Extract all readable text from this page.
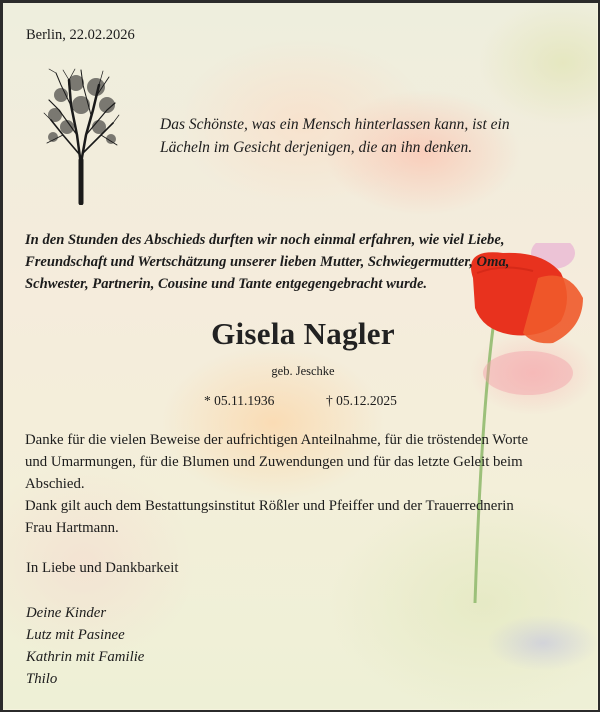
Berlin, 22.02.2026
Das Schönste, was ein Mensch hinterlassen kann, ist ein
Lächeln im Gesicht derjenigen, die an ihn denken.
In den Stunden des Abschieds durften wir noch einmal erfahren, wie viel Liebe,
Freundschaft und Wertschätzung unserer lieben Mutter, Schwiegermutter, Oma,
Schwester, Partnerin, Cousine und Tante entgegengebracht wurde.
Gisela Nagler
geb. Jeschke
* 05.11.1936	† 05.12.2025
Danke für die vielen Beweise der aufrichtigen Anteilnahme, für die tröstenden Worte
und Umarmungen, für die Blumen und Zuwendungen und für das letzte Geleit beim
Abschied.
Dank gilt auch dem Bestattungsinstitut Rößler und Pfeiffer und der Trauerrednerin
Frau Hartmann.
In Liebe und Dankbarkeit
Deine Kinder
Lutz mit Pasinee
Kathrin mit Familie
Thilo
